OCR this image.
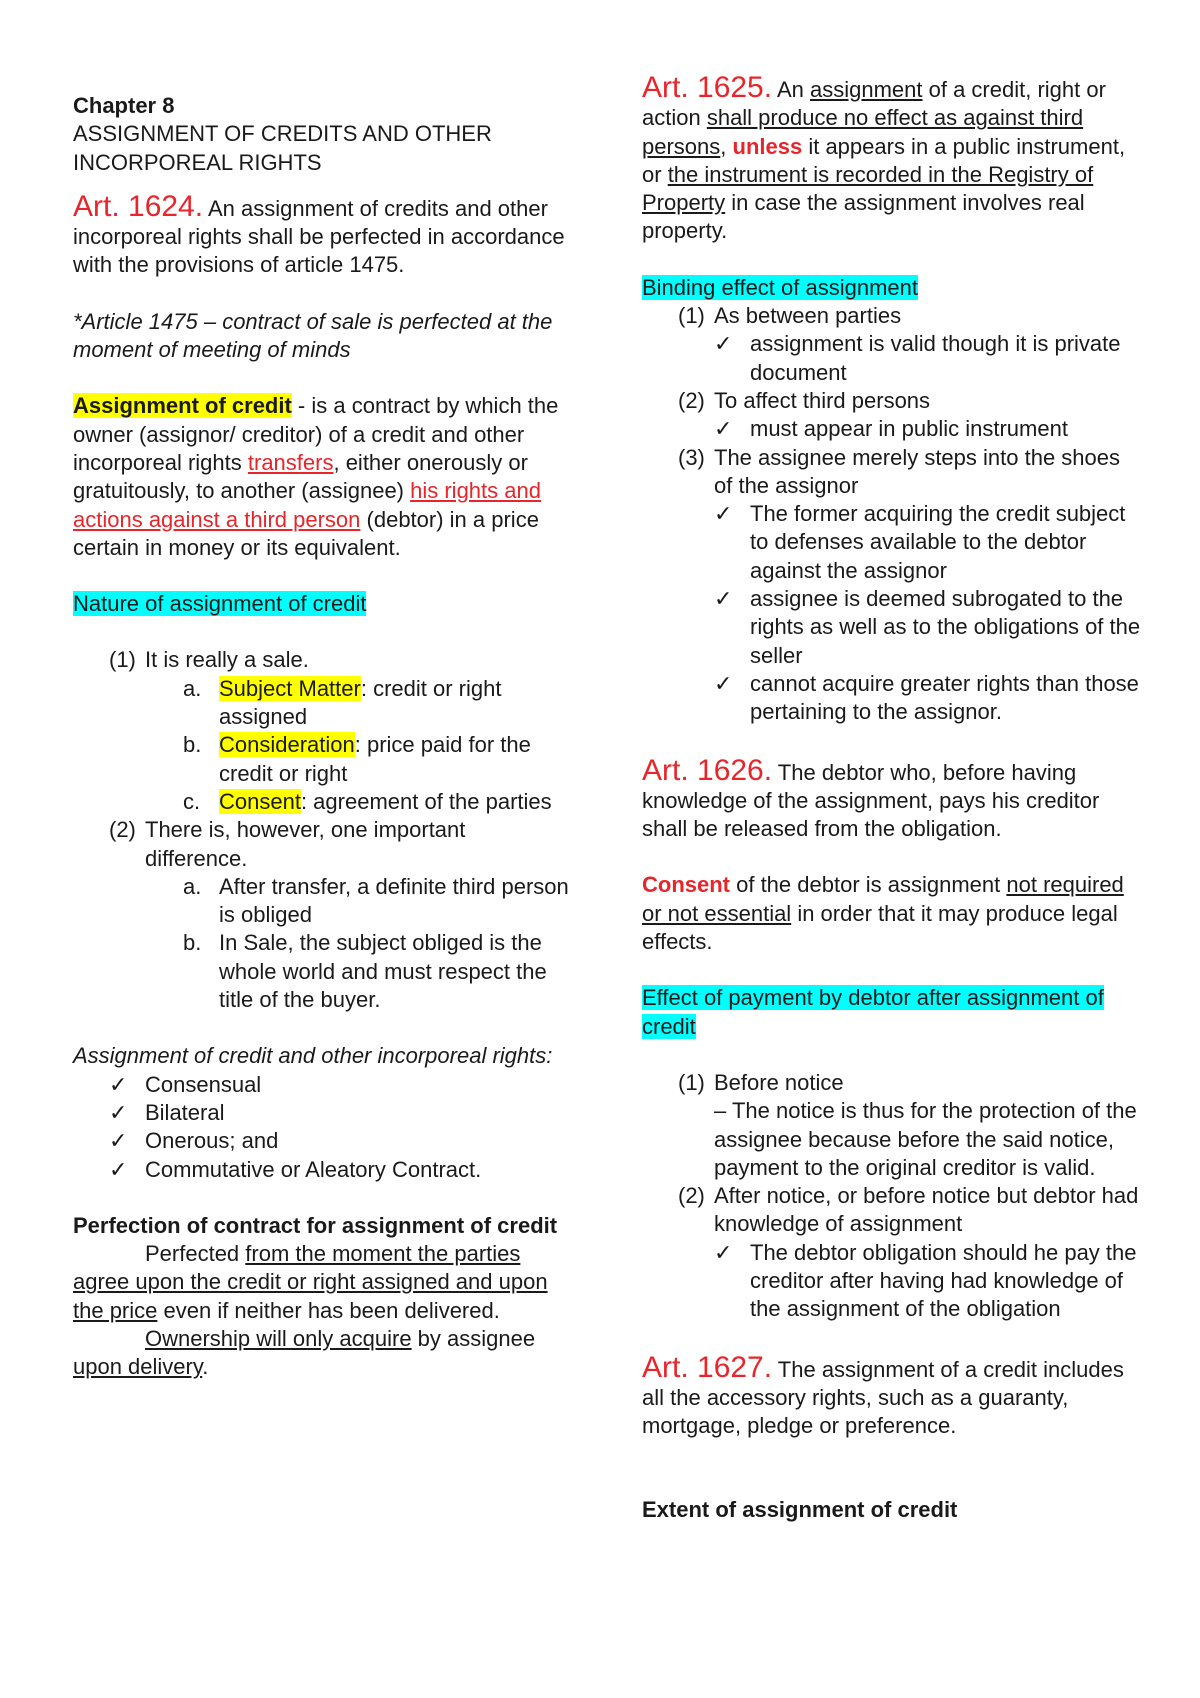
Chapter 8

ASSIGNMENT OF CREDITS AND OTHER INCORPOREAL RIGHTS

Art. 1624. An assignment of credits and other incorporeal rights shall be perfected in accordance with the provisions of article 1475.

*Article 1475 – contract of sale is perfected at the moment of meeting of minds

Assignment of credit - is a contract by which the owner (assignor/ creditor) of a credit and other incorporeal rights transfers, either onerously or gratuitously, to another (assignee) his rights and actions against a third person (debtor) in a price certain in money or its equivalent.

Nature of assignment of credit

(1) It is really a sale.
a. Subject Matter: credit or right assigned
b. Consideration: price paid for the credit or right
c. Consent: agreement of the parties
(2) There is, however, one important difference.
a. After transfer, a definite third person is obliged
b. In Sale, the subject obliged is the whole world and must respect the title of the buyer.

Assignment of credit and other incorporeal rights:

✓ Consensual
✓ Bilateral
✓ Onerous; and
✓ Commutative or Aleatory Contract.

Perfection of contract for assignment of credit

Perfected from the moment the parties agree upon the credit or right assigned and upon the price even if neither has been delivered.

Ownership will only acquire by assignee upon delivery.

Art. 1625. An assignment of a credit, right or action shall produce no effect as against third persons, unless it appears in a public instrument, or the instrument is recorded in the Registry of Property in case the assignment involves real property.

Binding effect of assignment

(1) As between parties
✓ assignment is valid though it is private document
(2) To affect third persons
✓ must appear in public instrument
(3) The assignee merely steps into the shoes of the assignor
✓ The former acquiring the credit subject to defenses available to the debtor against the assignor
✓ assignee is deemed subrogated to the rights as well as to the obligations of the seller
✓ cannot acquire greater rights than those pertaining to the assignor.

Art. 1626. The debtor who, before having knowledge of the assignment, pays his creditor shall be released from the obligation.

Consent of the debtor is assignment not required or not essential in order that it may produce legal effects.

Effect of payment by debtor after assignment of credit

(1) Before notice

– The notice is thus for the protection of the assignee because before the said notice, payment to the original creditor is valid.

(2) After notice, or before notice but debtor had knowledge of assignment
✓ The debtor obligation should he pay the creditor after having had knowledge of the assignment of the obligation

Art. 1627. The assignment of a credit includes all the accessory rights, such as a guaranty, mortgage, pledge or preference.

Extent of assignment of credit
